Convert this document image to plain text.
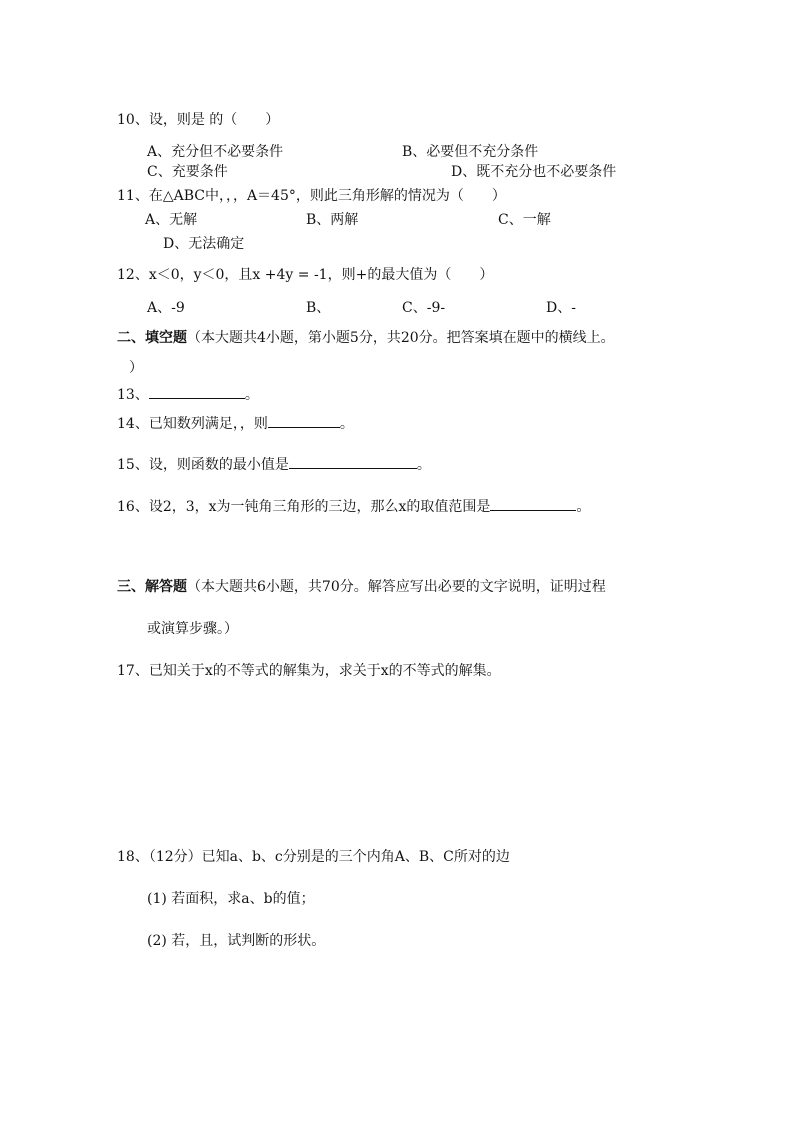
10、设，则是 的（　　）
A、充分但不必要条件	B、必要但不充分条件
C、充要条件	D、既不充分也不必要条件
11、在△ABC中，，，A＝45°，则此三角形解的情况为（　　）
A、无解	B、两解	C、一解
D、无法确定
12、x＜0，y＜0，且x +4y = -1，则+的最大值为（　　）
A、-9	B、	C、-9-	D、-
二、填空题（本大题共4小题，第小题5分，共20分。把答案填在题中的横线上。
）
13、	。
14、已知数列满足，，则	。
15、设，则函数的最小值是	。
16、设2，3，x为一钝角三角形的三边，那么x的取值范围是	。
三、解答题（本大题共6小题，共70分。解答应写出必要的文字说明，证明过程
或演算步骤。）
17、已知关于x的不等式的解集为，求关于x的不等式的解集。
18、（12分）已知a、b、c分别是的三个内角A、B、C所对的边
(1) 若面积，求a、b的值；
(2) 若，且，试判断的形状。
